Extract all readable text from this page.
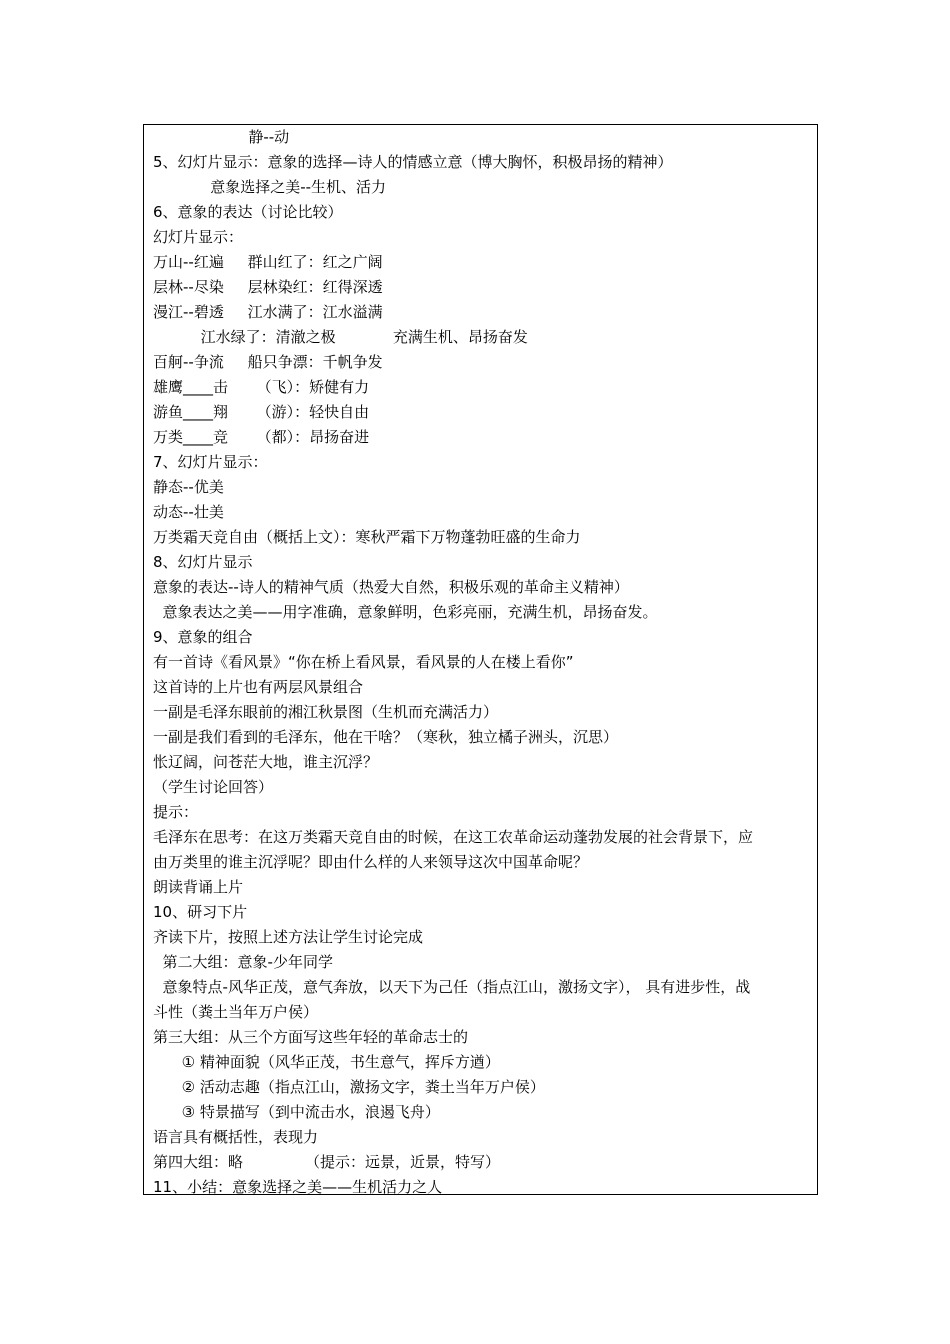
静--动
5、幻灯片显示：意象的选择—诗人的情感立意（博大胸怀，积极昂扬的精神）
意象选择之美--生机、活力
6、意象的表达（讨论比较）
幻灯片显示：
万山--红遍     群山红了：红之广阔
层林--尽染     层林染红：红得深透
漫江--碧透     江水满了：江水溢满
江水绿了：清澈之极            充满生机、昂扬奋发
百舸--争流     船只争漂：千帆争发
雄鹰____击      （飞）：矫健有力
游鱼____翔      （游）：轻快自由
万类____竞      （都）：昂扬奋进
7、幻灯片显示：
静态--优美
动态--壮美
万类霜天竞自由（概括上文）：寒秋严霜下万物蓬勃旺盛的生命力
8、幻灯片显示
意象的表达--诗人的精神气质（热爱大自然，积极乐观的革命主义精神）
意象表达之美——用字准确，意象鲜明，色彩亮丽，充满生机，昂扬奋发。
9、意象的组合
有一首诗《看风景》“你在桥上看风景，看风景的人在楼上看你”
这首诗的上片也有两层风景组合
一副是毛泽东眼前的湘江秋景图（生机而充满活力）
一副是我们看到的毛泽东，他在干啥？（寒秋，独立橘子洲头，沉思）
怅辽阔，问苍茫大地，谁主沉浮？
（学生讨论回答）
提示：
毛泽东在思考：在这万类霜天竞自由的时候，在这工农革命运动蓬勃发展的社会背景下，应
由万类里的谁主沉浮呢？即由什么样的人来领导这次中国革命呢？
朗读背诵上片
10、研习下片
齐读下片，按照上述方法让学生讨论完成
第二大组：意象-少年同学
意象特点-风华正茂，意气奔放，以天下为己任（指点江山，激扬文字）， 具有进步性，战
斗性（粪土当年万户侯）
第三大组：从三个方面写这些年轻的革命志士的
① 精神面貌（风华正茂，书生意气，挥斥方遒）
② 活动志趣（指点江山，激扬文字，粪土当年万户侯）
③ 特景描写（到中流击水，浪遏飞舟）
语言具有概括性，表现力
第四大组：略             （提示：远景，近景，特写）
11、小结：意象选择之美——生机活力之人
